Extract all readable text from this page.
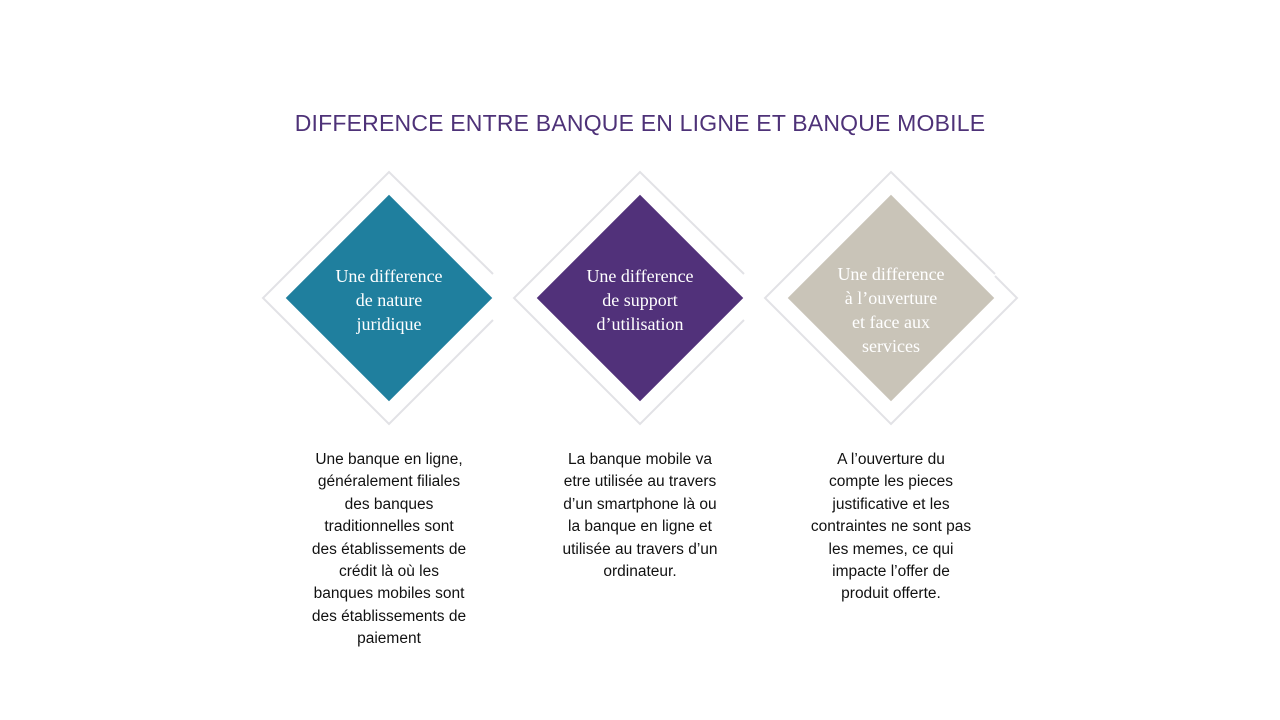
DIFFERENCE ENTRE BANQUE EN LIGNE ET BANQUE MOBILE
Une difference
de nature
juridique
Une difference
de support
d’utilisation
Une difference
à l’ouverture
et face aux
services
Une banque en ligne,
généralement filiales
des banques
traditionnelles sont
des établissements de
crédit là où les
banques mobiles sont
des établissements de
paiement
La banque mobile va
etre utilisée au travers
d’un smartphone là ou
la banque en ligne et
utilisée au travers d’un
ordinateur.
A l’ouverture du
compte les pieces
justificative et les
contraintes ne sont pas
les memes, ce qui
impacte l’offer de
produit offerte.
